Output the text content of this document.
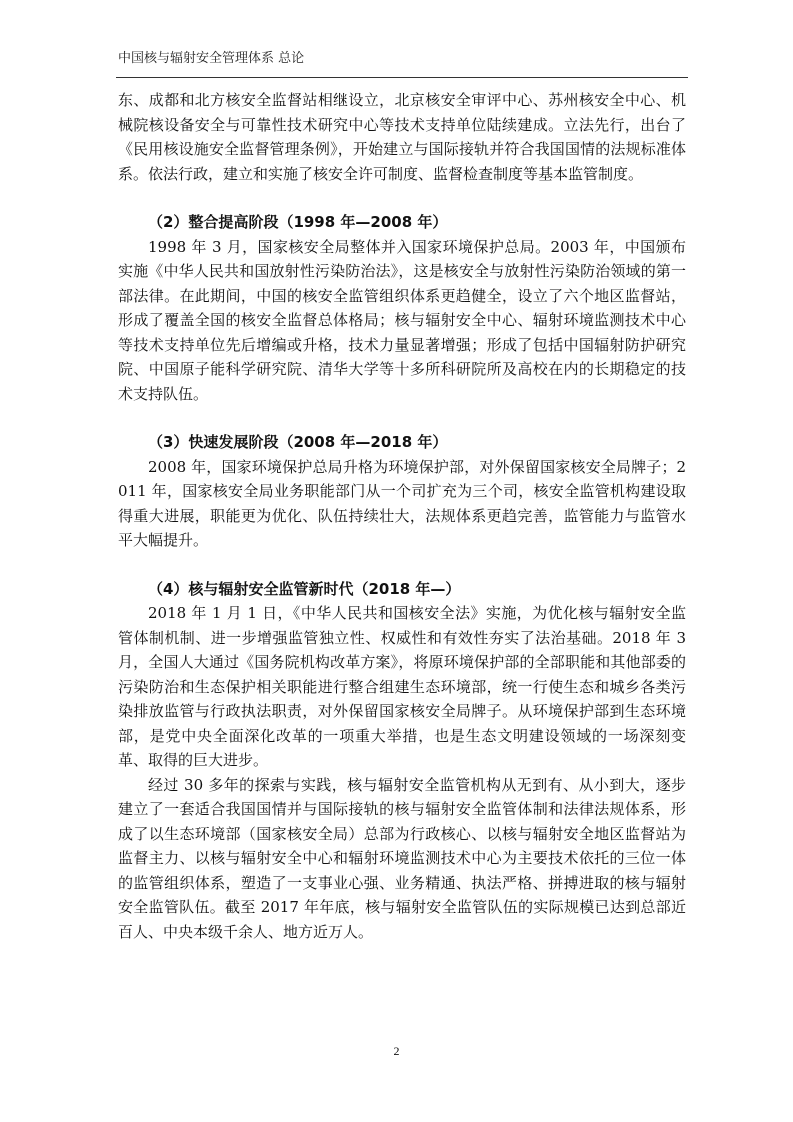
中国核与辐射安全管理体系 总论

东、成都和北方核安全监督站相继设立，北京核安全审评中心、苏州核安全中心、机械院核设备安全与可靠性技术研究中心等技术支持单位陆续建成。立法先行，出台了《民用核设施安全监督管理条例》，开始建立与国际接轨并符合我国国情的法规标准体系。依法行政，建立和实施了核安全许可制度、监督检查制度等基本监管制度。

（2）整合提高阶段（1998 年—2008 年）

1998 年 3 月，国家核安全局整体并入国家环境保护总局。2003 年，中国颁布实施《中华人民共和国放射性污染防治法》，这是核安全与放射性污染防治领域的第一部法律。在此期间，中国的核安全监管组织体系更趋健全，设立了六个地区监督站，形成了覆盖全国的核安全监督总体格局；核与辐射安全中心、辐射环境监测技术中心等技术支持单位先后增编或升格，技术力量显著增强；形成了包括中国辐射防护研究院、中国原子能科学研究院、清华大学等十多所科研院所及高校在内的长期稳定的技术支持队伍。

（3）快速发展阶段（2008 年—2018 年）

2008 年，国家环境保护总局升格为环境保护部，对外保留国家核安全局牌子；2011 年，国家核安全局业务职能部门从一个司扩充为三个司，核安全监管机构建设取得重大进展，职能更为优化、队伍持续壮大，法规体系更趋完善，监管能力与监管水平大幅提升。

（4）核与辐射安全监管新时代（2018 年—）

2018 年 1 月 1 日，《中华人民共和国核安全法》实施，为优化核与辐射安全监管体制机制、进一步增强监管独立性、权威性和有效性夯实了法治基础。2018 年 3 月，全国人大通过《国务院机构改革方案》，将原环境保护部的全部职能和其他部委的污染防治和生态保护相关职能进行整合组建生态环境部，统一行使生态和城乡各类污染排放监管与行政执法职责，对外保留国家核安全局牌子。从环境保护部到生态环境部，是党中央全面深化改革的一项重大举措，也是生态文明建设领域的一场深刻变革、取得的巨大进步。

经过 30 多年的探索与实践，核与辐射安全监管机构从无到有、从小到大，逐步建立了一套适合我国国情并与国际接轨的核与辐射安全监管体制和法律法规体系，形成了以生态环境部（国家核安全局）总部为行政核心、以核与辐射安全地区监督站为监督主力、以核与辐射安全中心和辐射环境监测技术中心为主要技术依托的三位一体的监管组织体系，塑造了一支事业心强、业务精通、执法严格、拼搏进取的核与辐射安全监管队伍。截至 2017 年年底，核与辐射安全监管队伍的实际规模已达到总部近百人、中央本级千余人、地方近万人。

2
